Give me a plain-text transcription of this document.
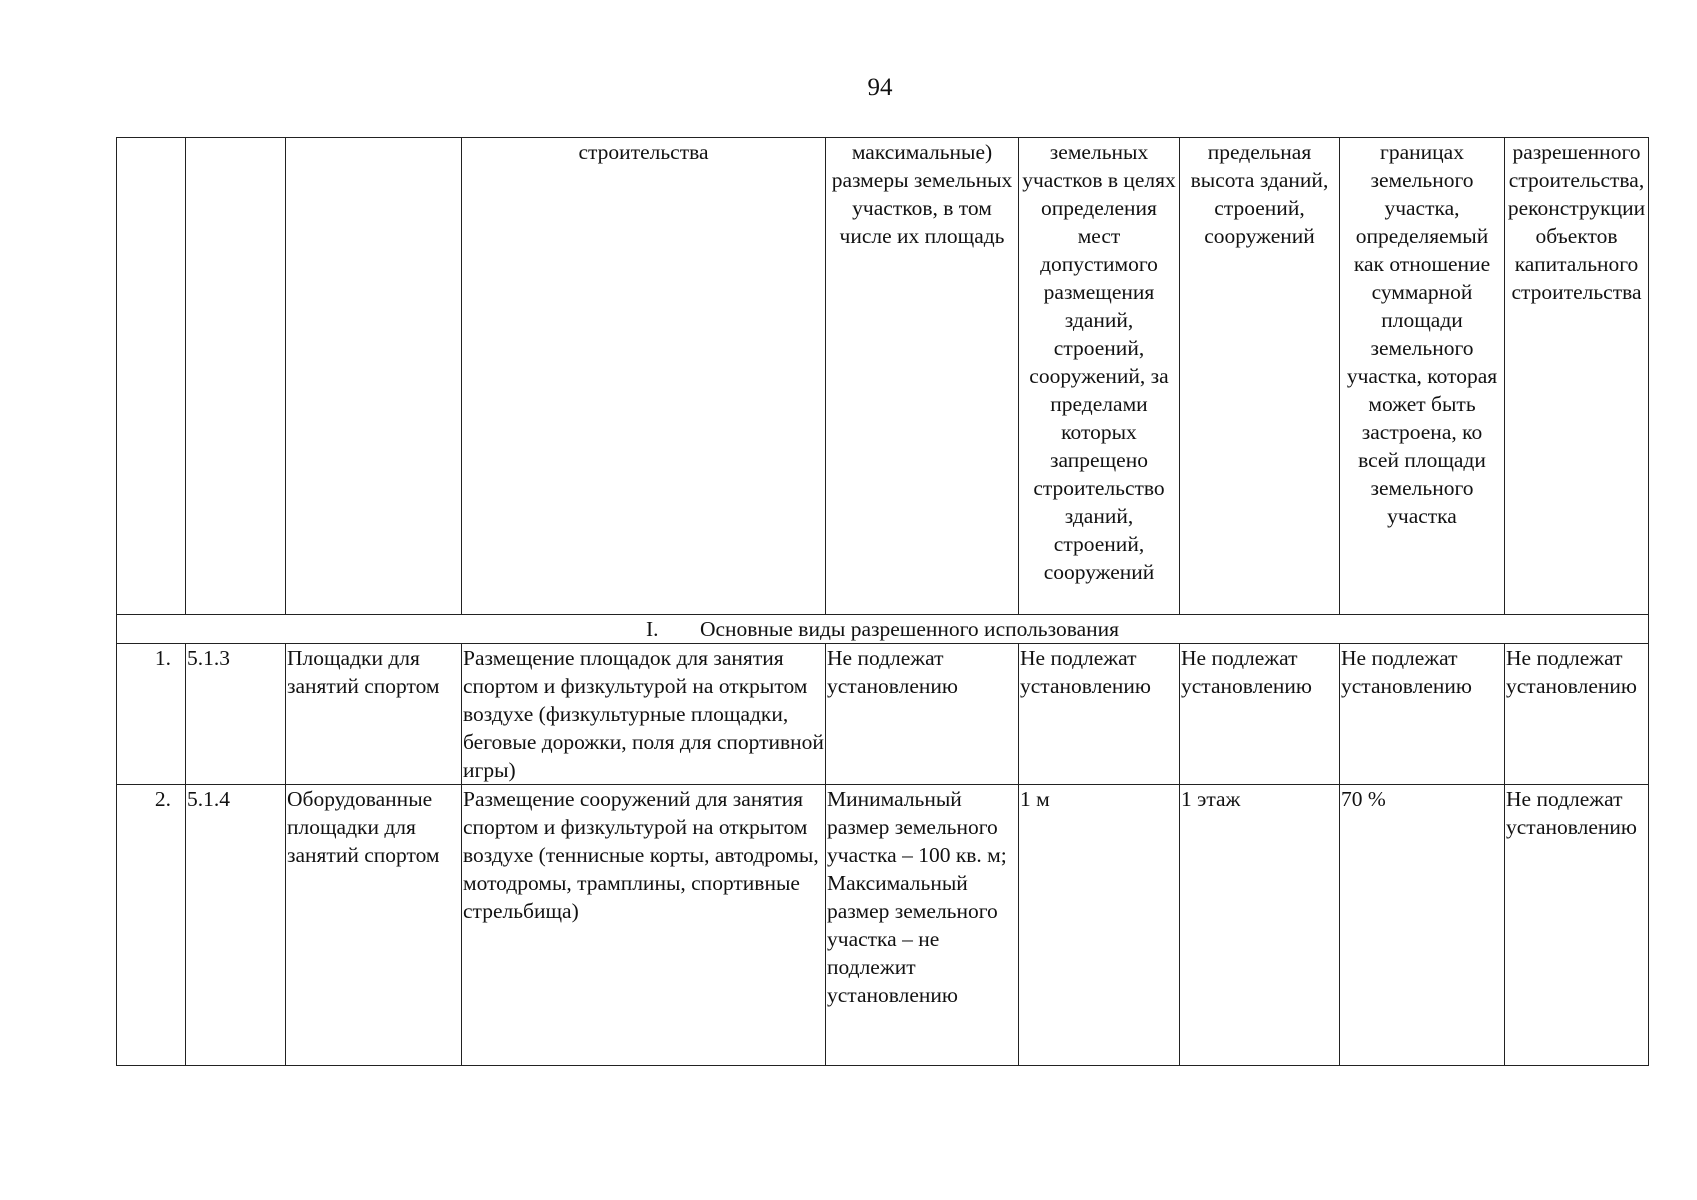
94
			строительства	максимальные) размеры земельных участков, в том числе их площадь	земельных участков в целях определения мест допустимого размещения зданий, строений, сооружений, за пределами которых запрещено строительство зданий, строений, сооружений	предельная высота зданий, строений, сооружений	границах земельного участка, определяемый как отношение суммарной площади земельного участка, которая может быть застроена, ко всей площади земельного участка	разрешенного строительства, реконструкции объектов капитального строительства
I. Основные виды разрешенного использования								
1.	5.1.3	Площадки для занятий спортом	Размещение площадок для занятия спортом и физкультурой на открытом воздухе (физкультурные площадки, беговые дорожки, поля для спортивной игры)	Не подлежат установлению	Не подлежат установлению	Не подлежат установлению	Не подлежат установлению	Не подлежат установлению
2.	5.1.4	Оборудованные площадки для занятий спортом	Размещение сооружений для занятия спортом и физкультурой на открытом воздухе (теннисные корты, автодромы, мотодромы, трамплины, спортивные стрельбища)	Минимальный размер земельного участка – 100 кв. м; Максимальный размер земельного участка – не подлежит установлению	1 м	1 этаж	70 %	Не подлежат установлению
